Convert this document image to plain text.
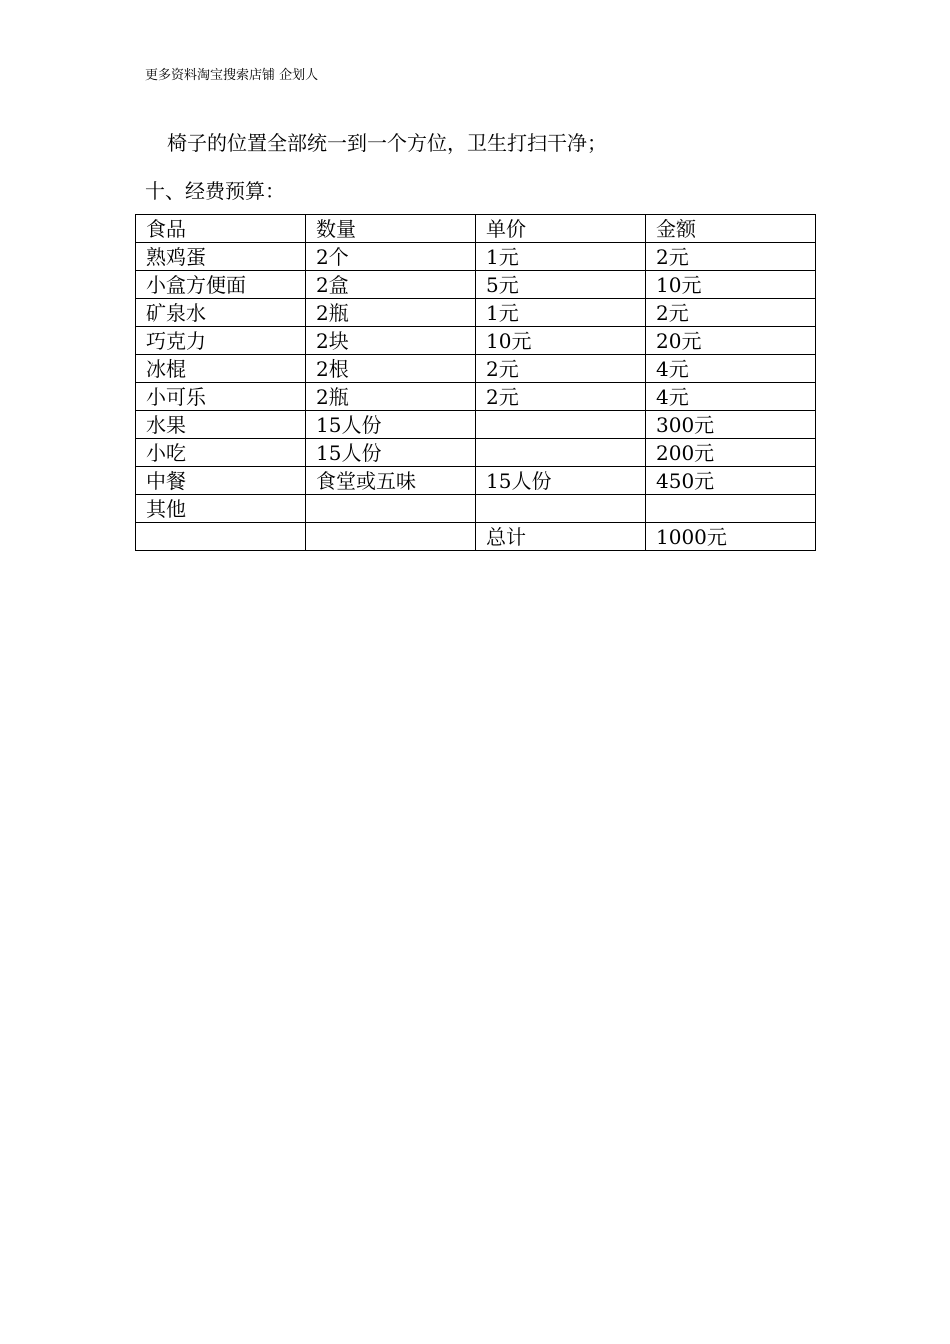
更多资料淘宝搜索店铺 企划人
椅子的位置全部统一到一个方位，卫生打扫干净；
十、经费预算：
食品	数量	单价	金额
熟鸡蛋	2个	1元	2元
小盒方便面	2盒	5元	10元
矿泉水	2瓶	1元	2元
巧克力	2块	10元	20元
冰棍	2根	2元	4元
小可乐	2瓶	2元	4元
水果	15人份		300元
小吃	15人份		200元
中餐	食堂或五味	15人份	450元
其他			
		总计	1000元
